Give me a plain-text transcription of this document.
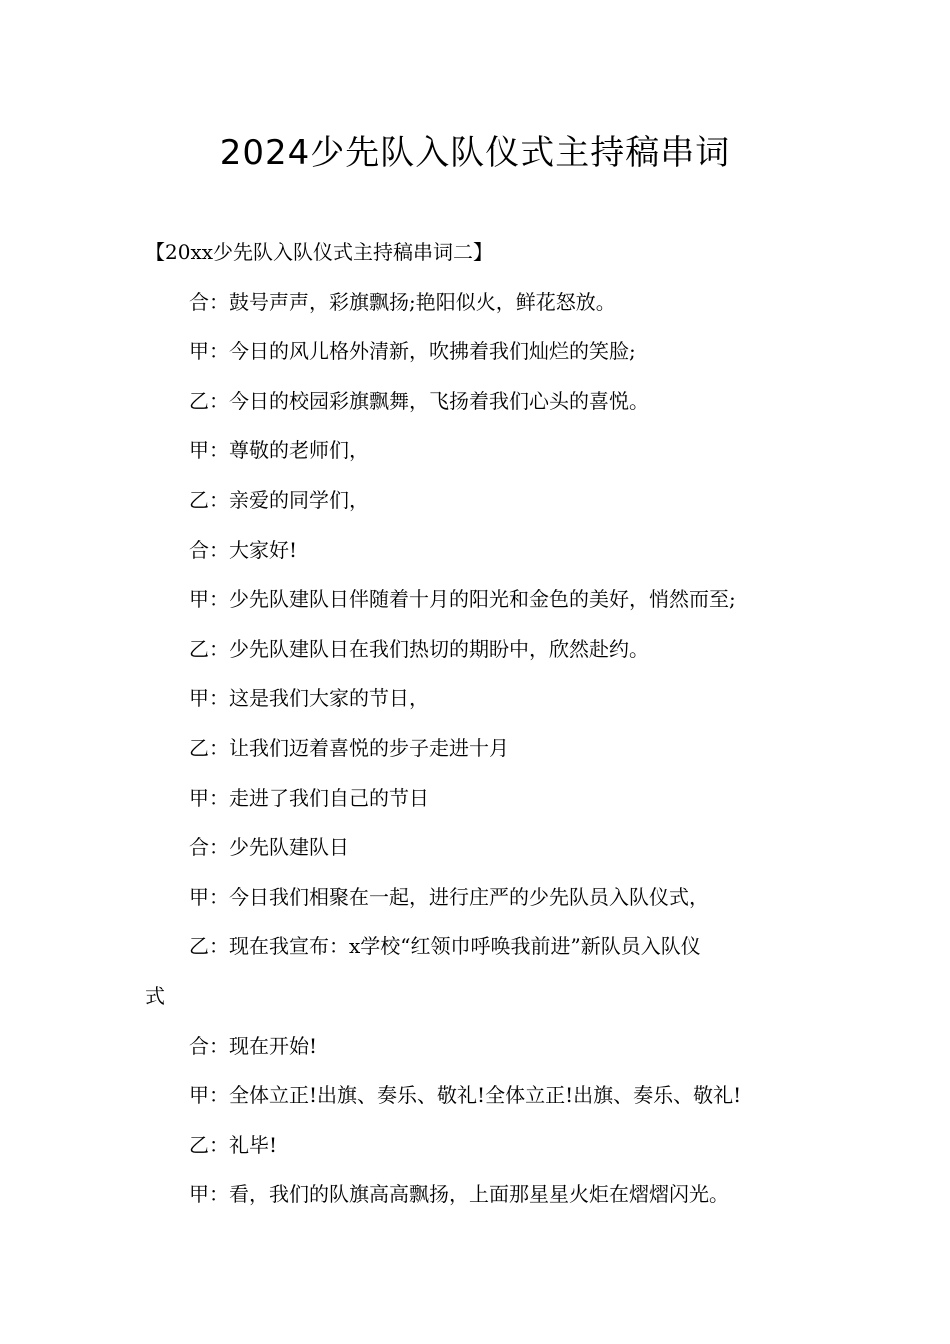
2024少先队入队仪式主持稿串词
【20xx少先队入队仪式主持稿串词二】
合：鼓号声声，彩旗飘扬;艳阳似火，鲜花怒放。
甲：今日的风儿格外清新，吹拂着我们灿烂的笑脸;
乙：今日的校园彩旗飘舞，飞扬着我们心头的喜悦。
甲：尊敬的老师们，
乙：亲爱的同学们，
合：大家好!
甲：少先队建队日伴随着十月的阳光和金色的美好，悄然而至;
乙：少先队建队日在我们热切的期盼中，欣然赴约。
甲：这是我们大家的节日，
乙：让我们迈着喜悦的步子走进十月
甲：走进了我们自己的节日
合：少先队建队日
甲：今日我们相聚在一起，进行庄严的少先队员入队仪式，
乙：现在我宣布：x学校“红领巾呼唤我前进”新队员入队仪
式
合：现在开始!
甲：全体立正!出旗、奏乐、敬礼!全体立正!出旗、奏乐、敬礼!
乙：礼毕!
甲：看，我们的队旗高高飘扬，上面那星星火炬在熠熠闪光。
